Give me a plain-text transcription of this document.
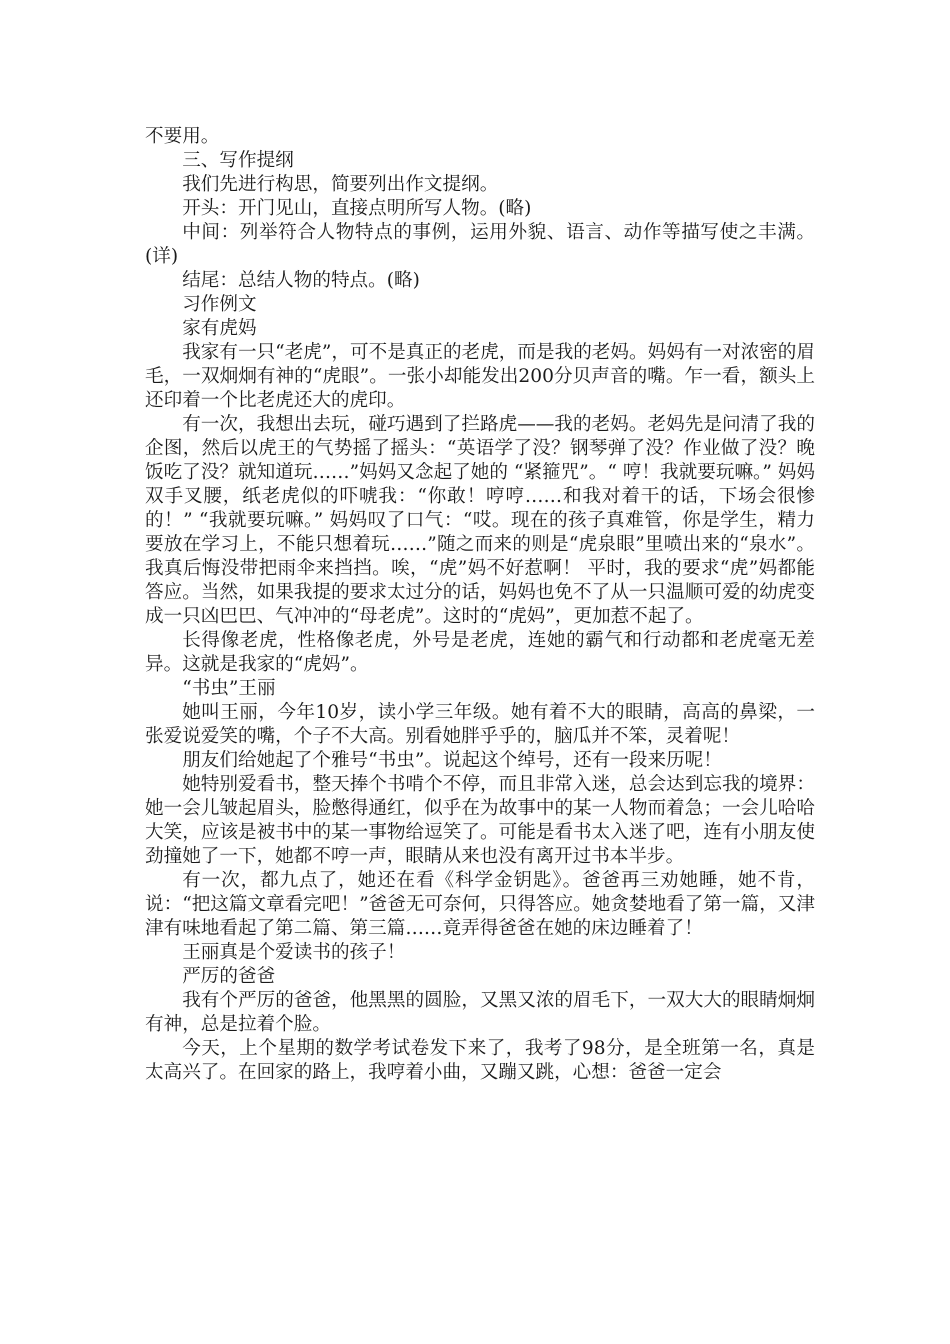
不要用。

三、写作提纲

我们先进行构思，简要列出作文提纲。

开头：开门见山，直接点明所写人物。(略)

中间：列举符合人物特点的事例，运用外貌、语言、动作等描写使之丰满。(详)

结尾：总结人物的特点。(略)

习作例文

家有虎妈

我家有一只“老虎”，可不是真正的老虎，而是我的老妈。妈妈有一对浓密的眉毛，一双炯炯有神的“虎眼”。一张小却能发出200分贝声音的嘴。乍一看，额头上还印着一个比老虎还大的虎印。

有一次，我想出去玩，碰巧遇到了拦路虎——我的老妈。老妈先是问清了我的企图，然后以虎王的气势摇了摇头：“英语学了没？钢琴弹了没？作业做了没？晚饭吃了没？就知道玩……”妈妈又念起了她的 “紧箍咒”。“ 哼！我就要玩嘛。” 妈妈双手叉腰，纸老虎似的吓唬我：“你敢！哼哼……和我对着干的话，下场会很惨的！” “我就要玩嘛。” 妈妈叹了口气：“哎。现在的孩子真难管，你是学生，精力要放在学习上，不能只想着玩……”随之而来的则是“虎泉眼”里喷出来的“泉水”。我真后悔没带把雨伞来挡挡。唉，“虎”妈不好惹啊！ 平时，我的要求“虎”妈都能答应。当然，如果我提的要求太过分的话，妈妈也免不了从一只温顺可爱的幼虎变成一只凶巴巴、气冲冲的“母老虎”。这时的“虎妈”，更加惹不起了。

长得像老虎，性格像老虎，外号是老虎，连她的霸气和行动都和老虎毫无差异。这就是我家的“虎妈”。

“书虫”王丽

她叫王丽，今年10岁，读小学三年级。她有着不大的眼睛，高高的鼻梁，一张爱说爱笑的嘴，个子不大高。别看她胖乎乎的，脑瓜并不笨，灵着呢！

朋友们给她起了个雅号“书虫”。说起这个绰号，还有一段来历呢！

她特别爱看书，整天捧个书啃个不停，而且非常入迷，总会达到忘我的境界：她一会儿皱起眉头，脸憋得通红，似乎在为故事中的某一人物而着急；一会儿哈哈大笑，应该是被书中的某一事物给逗笑了。可能是看书太入迷了吧，连有小朋友使劲撞她了一下，她都不哼一声，眼睛从来也没有离开过书本半步。

有一次，都九点了，她还在看《科学金钥匙》。爸爸再三劝她睡，她不肯，说：“把这篇文章看完吧！”爸爸无可奈何，只得答应。她贪婪地看了第一篇，又津津有味地看起了第二篇、第三篇……竟弄得爸爸在她的床边睡着了！

王丽真是个爱读书的孩子！

严厉的爸爸

我有个严厉的爸爸，他黑黑的圆脸，又黑又浓的眉毛下，一双大大的眼睛炯炯有神，总是拉着个脸。

今天，上个星期的数学考试卷发下来了，我考了98分，是全班第一名，真是太高兴了。在回家的路上，我哼着小曲，又蹦又跳，心想：爸爸一定会
